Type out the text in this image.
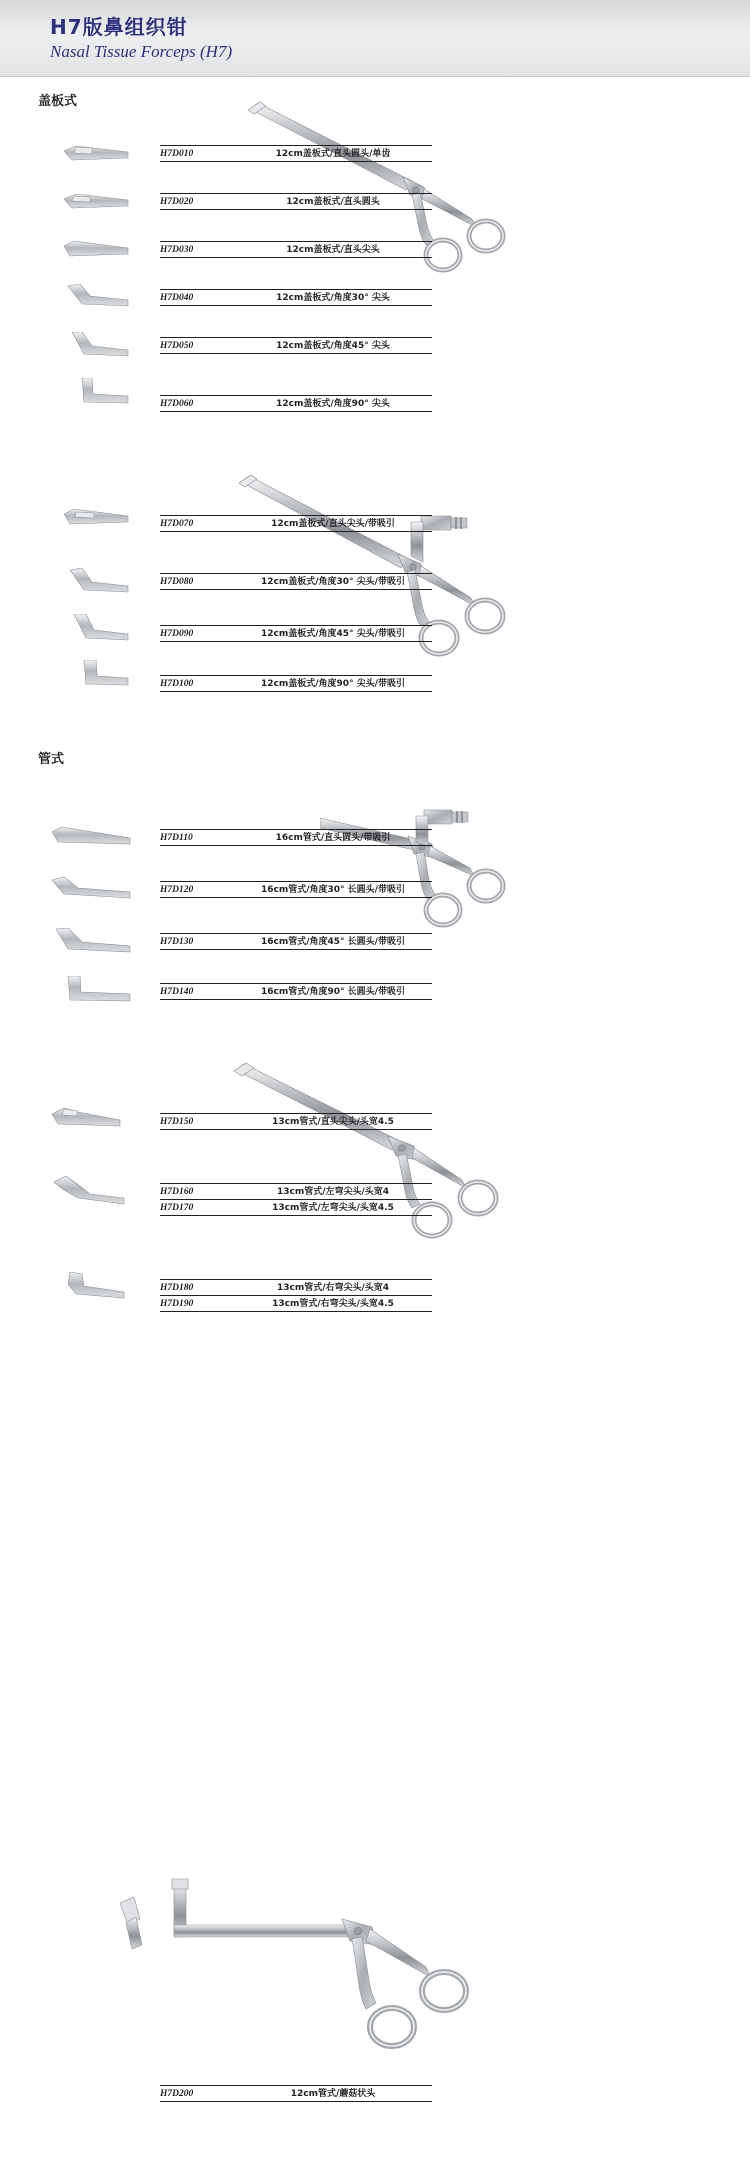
H7版鼻组织钳
Nasal Tissue Forceps (H7)
盖板式
管式
H7D010	12cm盖板式/直头圆头/单齿
H7D020	12cm盖板式/直头圆头
H7D030	12cm盖板式/直头尖头
H7D040	12cm盖板式/角度30° 尖头
H7D050	12cm盖板式/角度45° 尖头
H7D060	12cm盖板式/角度90° 尖头
H7D070	12cm盖板式/直头尖头/带吸引
H7D080	12cm盖板式/角度30° 尖头/带吸引
H7D090	12cm盖板式/角度45° 尖头/带吸引
H7D100	12cm盖板式/角度90° 尖头/带吸引
H7D110	16cm管式/直头圆头/带吸引
H7D120	16cm管式/角度30° 长圆头/带吸引
H7D130	16cm管式/角度45° 长圆头/带吸引
H7D140	16cm管式/角度90° 长圆头/带吸引
H7D150	13cm管式/直头尖头/头宽4.5
H7D160	13cm管式/左弯尖头/头宽4
H7D170	13cm管式/左弯尖头/头宽4.5
H7D180	13cm管式/右弯尖头/头宽4
H7D190	13cm管式/右弯尖头/头宽4.5
H7D200	12cm管式/蘑菇状头
